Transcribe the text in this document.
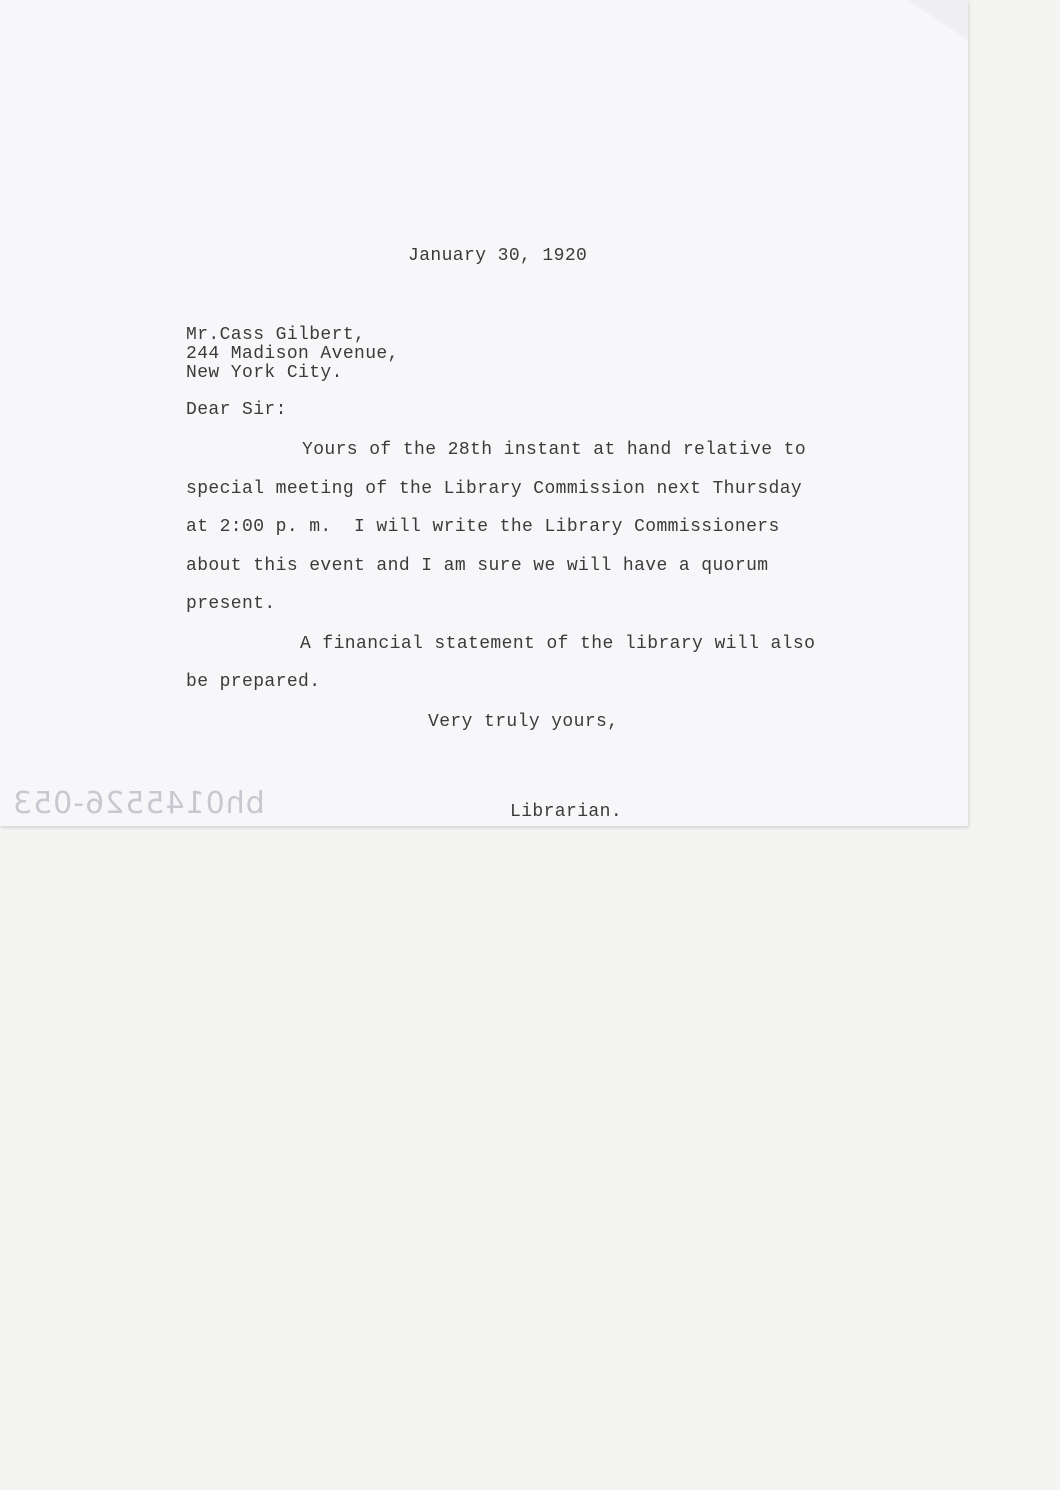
January 30, 1920

Mr.Cass Gilbert,

244 Madison Avenue,

New York City.

Dear Sir:

Yours of the 28th instant at hand relative to

special meeting of the Library Commission next Thursday

at 2:00 p. m.  I will write the Library Commissioners

about this event and I am sure we will have a quorum

present.

A financial statement of the library will also

be prepared.

Very truly yours,

bh0145526-053	Librarian.
